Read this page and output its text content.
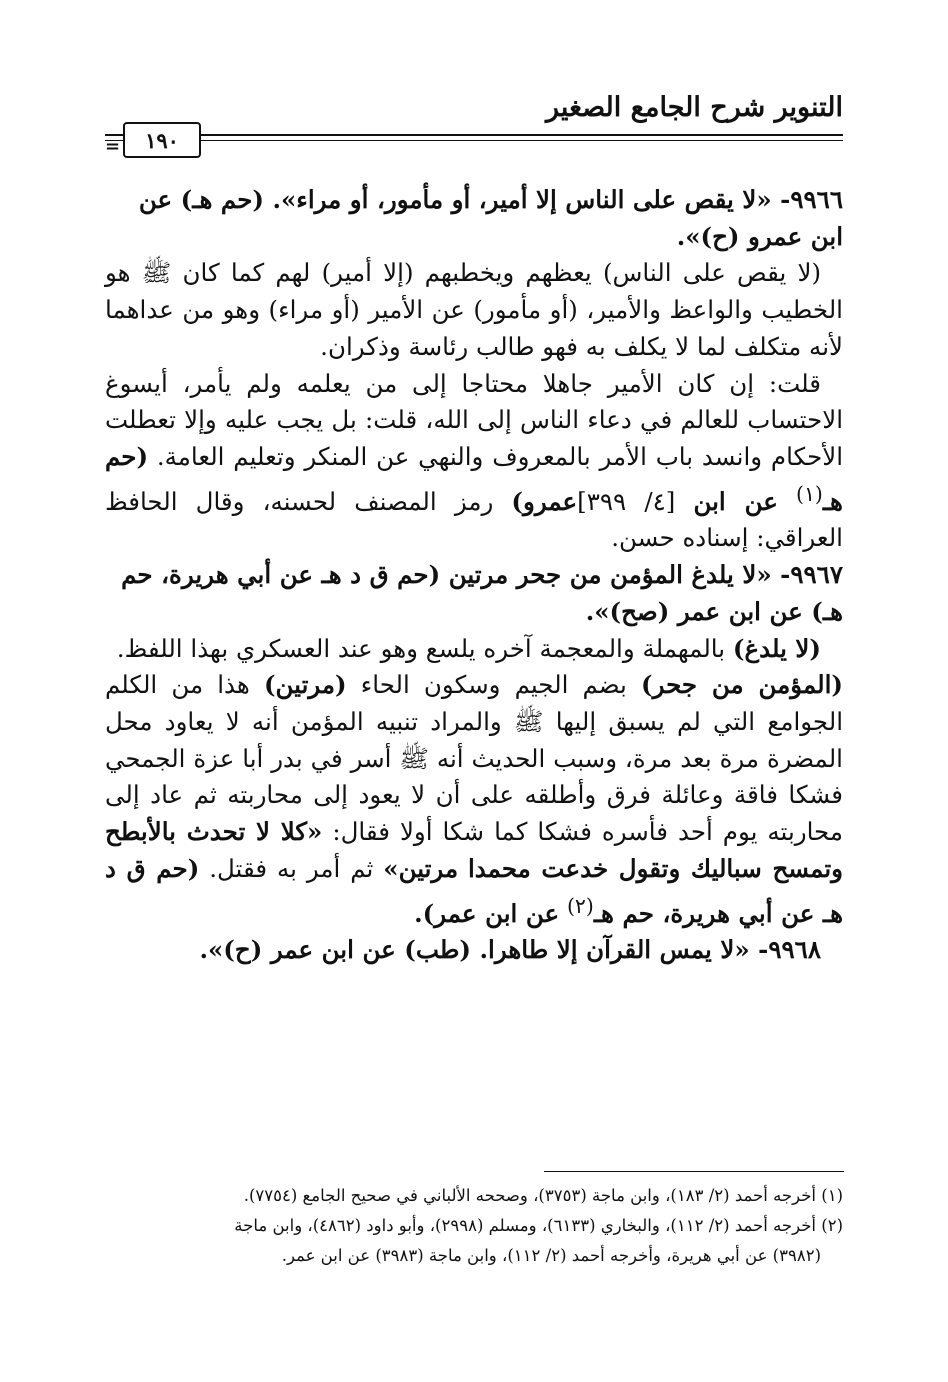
التنوير شرح الجامع الصغير
١٩٠
=

٩٩٦٦- «لا يقص على الناس إلا أمير، أو مأمور، أو مراء». (حم هـ) عن
ابن عمرو (ح)».

(لا يقص على الناس) يعظهم ويخطبهم (إلا أمير) لهم كما كان ﷺ هو الخطيب والواعظ والأمير، (أو مأمور) عن الأمير (أو مراء) وهو من عداهما لأنه متكلف لما لا يكلف به فهو طالب رئاسة وذكران.

قلت: إن كان الأمير جاهلا محتاجا إلى من يعلمه ولم يأمر، أيسوغ الاحتساب للعالم في دعاء الناس إلى الله، قلت: بل يجب عليه وإلا تعطلت الأحكام وانسد باب الأمر بالمعروف والنهي عن المنكر وتعليم العامة. (حم هـ$^{(١)}$ عن ابن [٤/ ٣٩٩]عمرو) رمز المصنف لحسنه، وقال الحافظ العراقي: إسناده حسن.

٩٩٦٧- «لا يلدغ المؤمن من جحر مرتين (حم ق د هـ عن أبي هريرة، حم
هـ) عن ابن عمر (صح)».

(لا يلدغ) بالمهملة والمعجمة آخره يلسع وهو عند العسكري بهذا اللفظ.
(المؤمن من جحر) بضم الجيم وسكون الحاء (مرتين) هذا من الكلم الجوامع التي لم يسبق إليها ﷺ والمراد تنبيه المؤمن أنه لا يعاود محل المضرة مرة بعد مرة، وسبب الحديث أنه ﷺ أسر في بدر أبا عزة الجمحي فشكا فاقة وعائلة فرق وأطلقه على أن لا يعود إلى محاربته ثم عاد إلى محاربته يوم أحد فأسره فشكا كما شكا أولا فقال: «كلا لا تحدث بالأبطح وتمسح سباليك وتقول خدعت محمدا مرتين» ثم أمر به فقتل. (حم ق د هـ عن أبي هريرة، حم هـ$^{(٢)}$ عن ابن عمر).

٩٩٦٨- «لا يمس القرآن إلا طاهرا. (طب) عن ابن عمر (ح)».

(١) أخرجه أحمد (٢/ ١٨٣)، وابن ماجة (٣٧٥٣)، وصححه الألباني في صحيح الجامع (٧٧٥٤).

(٢) أخرجه أحمد (٢/ ١١٢)، والبخاري (٦١٣٣)، ومسلم (٢٩٩٨)، وأبو داود (٤٨٦٢)، وابن ماجة

(٣٩٨٢) عن أبي هريرة، وأخرجه أحمد (٢/ ١١٢)، وابن ماجة (٣٩٨٣) عن ابن عمر.
